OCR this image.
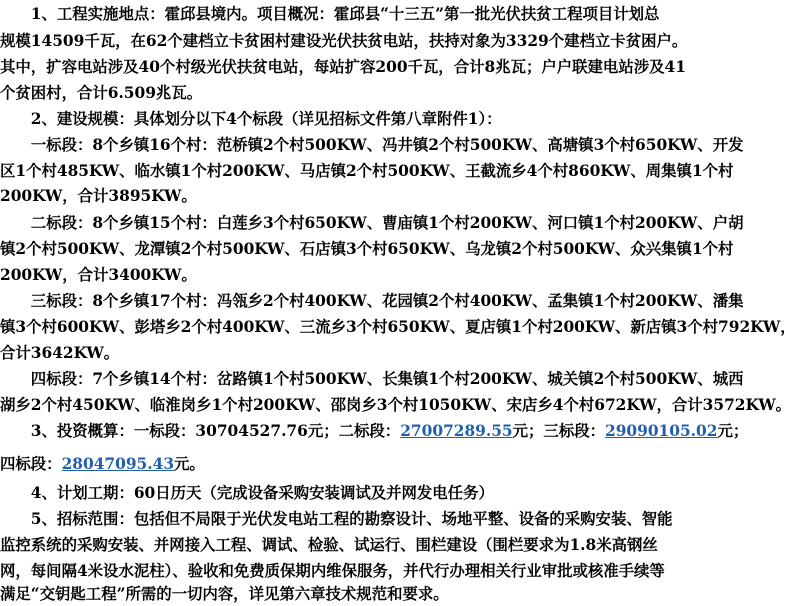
　　1、工程实施地点：霍邱县境内。项目概况：霍邱县“十三五”第一批光伏扶贫工程项目计划总
规模14509千瓦，在62个建档立卡贫困村建设光伏扶贫电站，扶持对象为3329个建档立卡贫困户。
其中，扩容电站涉及40个村级光伏扶贫电站，每站扩容200千瓦，合计8兆瓦；户户联建电站涉及41
个贫困村，合计6.509兆瓦。
　　2、建设规模：具体划分以下4个标段（详见招标文件第八章附件1）：
　　一标段：8个乡镇16个村：范桥镇2个村500KW、冯井镇2个村500KW、高塘镇3个村650KW、开发
区1个村485KW、临水镇1个村200KW、马店镇2个村500KW、王截流乡4个村860KW、周集镇1个村
200KW，合计3895KW。
　　二标段：8个乡镇15个村：白莲乡3个村650KW、曹庙镇1个村200KW、河口镇1个村200KW、户胡
镇2个村500KW、龙潭镇2个村500KW、石店镇3个村650KW、乌龙镇2个村500KW、众兴集镇1个村
200KW，合计3400KW。
　　三标段：8个乡镇17个村：冯瓴乡2个村400KW、花园镇2个村400KW、孟集镇1个村200KW、潘集
镇3个村600KW、彭塔乡2个村400KW、三流乡3个村650KW、夏店镇1个村200KW、新店镇3个村792KW，
合计3642KW。
　　四标段：7个乡镇14个村：岔路镇1个村500KW、长集镇1个村200KW、城关镇2个村500KW、城西
湖乡2个村450KW、临淮岗乡1个村200KW、邵岗乡3个村1050KW、宋店乡4个村672KW，合计3572KW。
　　3、投资概算：一标段：30704527.76元；二标段：27007289.55元；三标段：29090105.02元；
四标段：28047095.43元。
　　4、计划工期：60日历天（完成设备采购安装调试及并网发电任务）
　　5、招标范围：包括但不局限于光伏发电站工程的勘察设计、场地平整、设备的采购安装、智能
监控系统的采购安装、并网接入工程、调试、检验、试运行、围栏建设（围栏要求为1.8米高钢丝
网，每间隔4米设水泥柱）、验收和免费质保期内维保服务，并代行办理相关行业审批或核准手续等
满足“交钥匙工程”所需的一切内容，详见第六章技术规范和要求。
